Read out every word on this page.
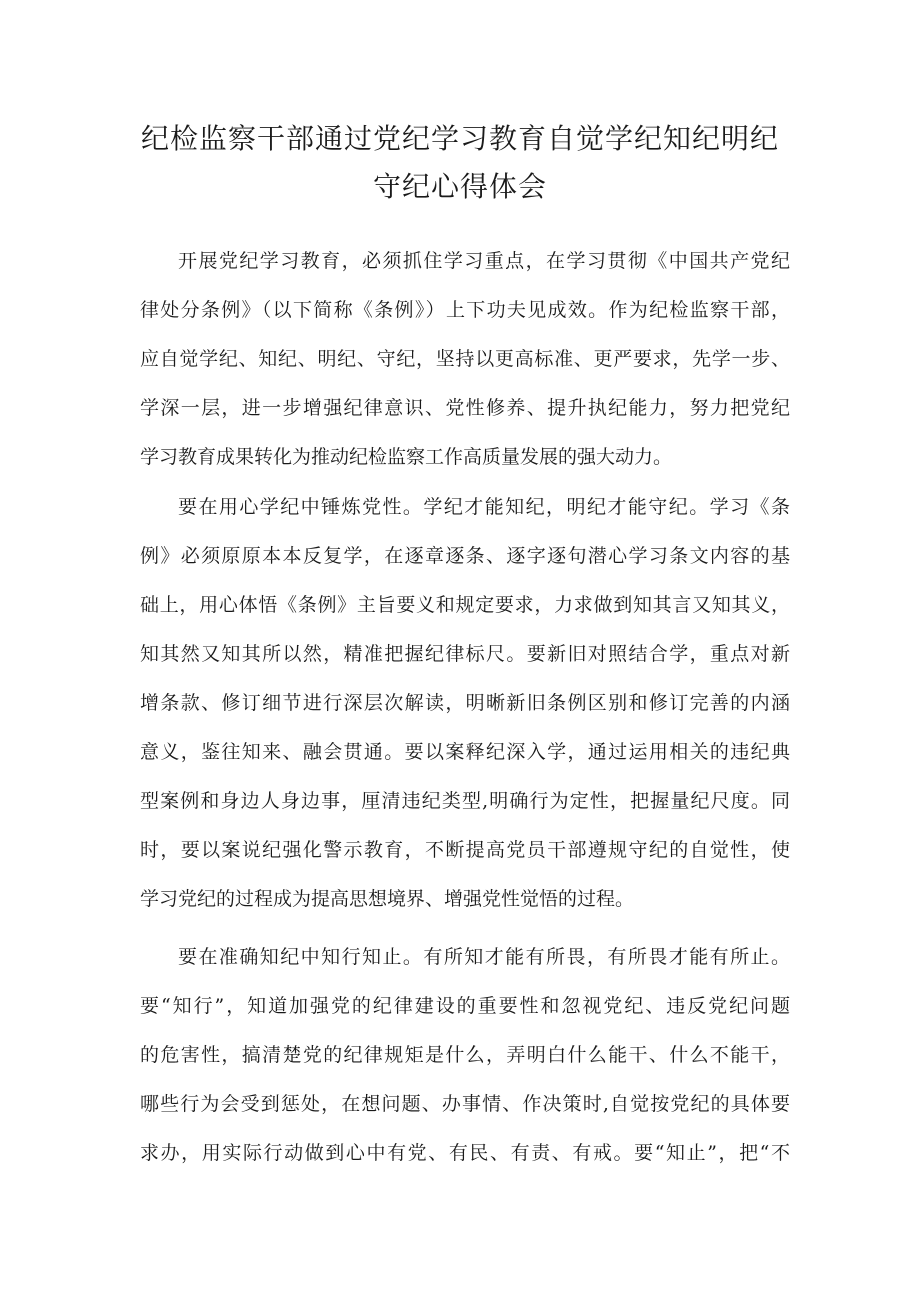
纪检监察干部通过党纪学习教育自觉学纪知纪明纪
守纪心得体会
开展党纪学习教育，必须抓住学习重点，在学习贯彻《中国共产党纪
律处分条例》（以下简称《条例》）上下功夫见成效。作为纪检监察干部，
应自觉学纪、知纪、明纪、守纪，坚持以更高标准、更严要求，先学一步、
学深一层，进一步增强纪律意识、党性修养、提升执纪能力，努力把党纪
学习教育成果转化为推动纪检监察工作高质量发展的强大动力。
要在用心学纪中锤炼党性。学纪才能知纪，明纪才能守纪。学习《条
例》必须原原本本反复学，在逐章逐条、逐字逐句潜心学习条文内容的基
础上，用心体悟《条例》主旨要义和规定要求，力求做到知其言又知其义，
知其然又知其所以然，精准把握纪律标尺。要新旧对照结合学，重点对新
增条款、修订细节进行深层次解读，明晰新旧条例区别和修订完善的内涵
意义，鉴往知来、融会贯通。要以案释纪深入学，通过运用相关的违纪典
型案例和身边人身边事，厘清违纪类型,明确行为定性，把握量纪尺度。同
时，要以案说纪强化警示教育，不断提高党员干部遵规守纪的自觉性，使
学习党纪的过程成为提高思想境界、增强党性觉悟的过程。
要在准确知纪中知行知止。有所知才能有所畏，有所畏才能有所止。
要“知行”，知道加强党的纪律建设的重要性和忽视党纪、违反党纪问题
的危害性，搞清楚党的纪律规矩是什么，弄明白什么能干、什么不能干，
哪些行为会受到惩处，在想问题、办事情、作决策时,自觉按党纪的具体要
求办，用实际行动做到心中有党、有民、有责、有戒。要“知止”，把“不
